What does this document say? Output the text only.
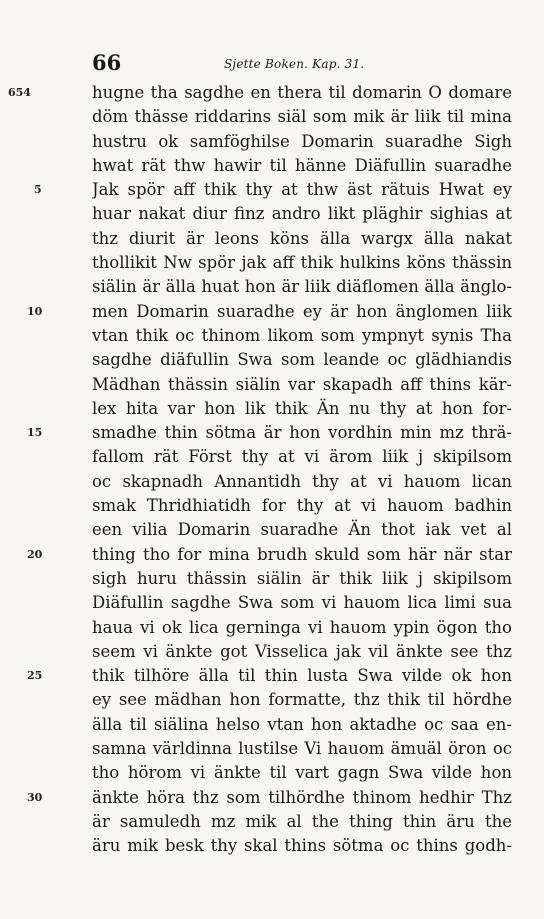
66	Sjette Boken. Kap. 31.
654	hugne tha sagdhe en thera til domarin O domare
döm thässe riddarins siäl som mik är liik til mina
hustru ok samföghilse Domarin suaradhe Sigh
hwat rät thw hawir til hänne Diäfullin suaradhe
5	Jak spör aff thik thy at thw äst rätuis Hwat ey
huar nakat diur finz andro likt pläghir sighias at
thz diurit är leons köns älla wargx älla nakat
thollikit Nw spör jak aff thik hulkins köns thässin
siälin är älla huat hon är liik diäflomen älla änglo-
10	men Domarin suaradhe ey är hon änglomen liik
vtan thik oc thinom likom som ympnyt synis Tha
sagdhe diäfullin Swa som leande oc glädhiandis
Mädhan thässin siälin var skapadh aff thins kär-
lex hita var hon lik thik Än nu thy at hon for-
15	smadhe thin sötma är hon vordhin min mz thrä-
fallom rät Först thy at vi ärom liik j skipilsom
oc skapnadh Annantidh thy at vi hauom lican
smak Thridhiatidh for thy at vi hauom badhin
een vilia Domarin suaradhe Än thot iak vet al
20	thing tho for mina brudh skuld som här när star
sigh huru thässin siälin är thik liik j skipilsom
Diäfullin sagdhe Swa som vi hauom lica limi sua
haua vi ok lica gerninga vi hauom ypin ögon tho
seem vi änkte got Visselica jak vil änkte see thz
25	thik tilhöre älla til thin lusta Swa vilde ok hon
ey see mädhan hon formatte, thz thik til hördhe
älla til siälina helso vtan hon aktadhe oc saa en-
samna världinna lustilse Vi hauom ämuäl öron oc
tho hörom vi änkte til vart gagn Swa vilde hon
30	änkte höra thz som tilhördhe thinom hedhir Thz
är samuledh mz mik al the thing thin äru the
äru mik besk thy skal thins sötma oc thins godh-
